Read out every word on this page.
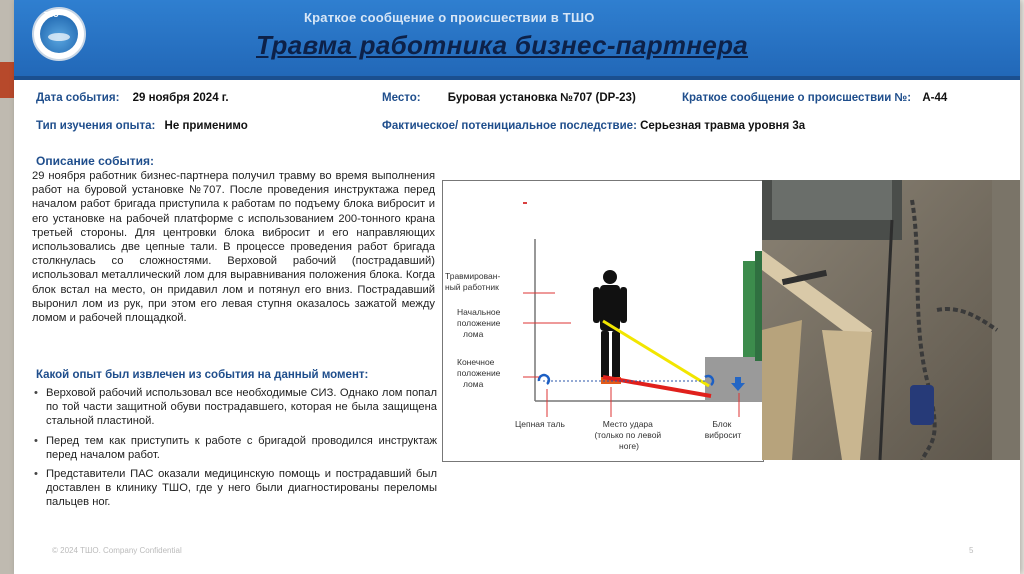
ТСО	Краткое сообщение о происшествии в ТШО
Травма работника бизнес-партнера
Дата события: 29 ноября 2024 г.	Место: Буровая установка №707 (DP-23)	Краткое сообщение о происшествии №: А-44
Тип изучения опыта: Не применимо	Фактическое/ потенициальное последствие: Серьезная травма уровня 3а
Описание события:
29 ноября работник бизнес-партнера получил травму во время выполнения работ на буровой установке №707. После проведения инструктажа перед началом работ бригада приступила к работам по подъему блока вибросит и его установке на рабочей платформе с использованием 200-тонного крана третьей стороны. Для центровки блока вибросит и его направляющих использовались две цепные тали. В процессе проведения работ бригада столкнулась со сложностями. Верховой рабочий (пострадавший) использовал металлический лом для выравнивания положения блока. Когда блок встал на место, он придавил лом и потянул его вниз. Пострадавший выронил лом из рук, при этом его левая ступня оказалось зажатой между ломом и рабочей площадкой.
Какой опыт был извлечен из события на данный момент:
• Верховой рабочий использовал все необходимые СИЗ. Однако лом попал по той части защитной обуви пострадавшего, которая не была защищена стальной пластиной.
• Перед тем как приступить к работе с бригадой проводился инструктаж перед началом работ.
• Представители ПАС оказали медицинскую помощь и пострадавший был доставлен в клинику ТШО, где у него были диагностированы переломы пальцев ног.
Травмирован- ный работник
Начальное положение лома
Конечное положение лома
Цепная таль	Место удара (только по левой ноге)
Блок вибросит
© 2024 ТШО. Company Confidential	5
